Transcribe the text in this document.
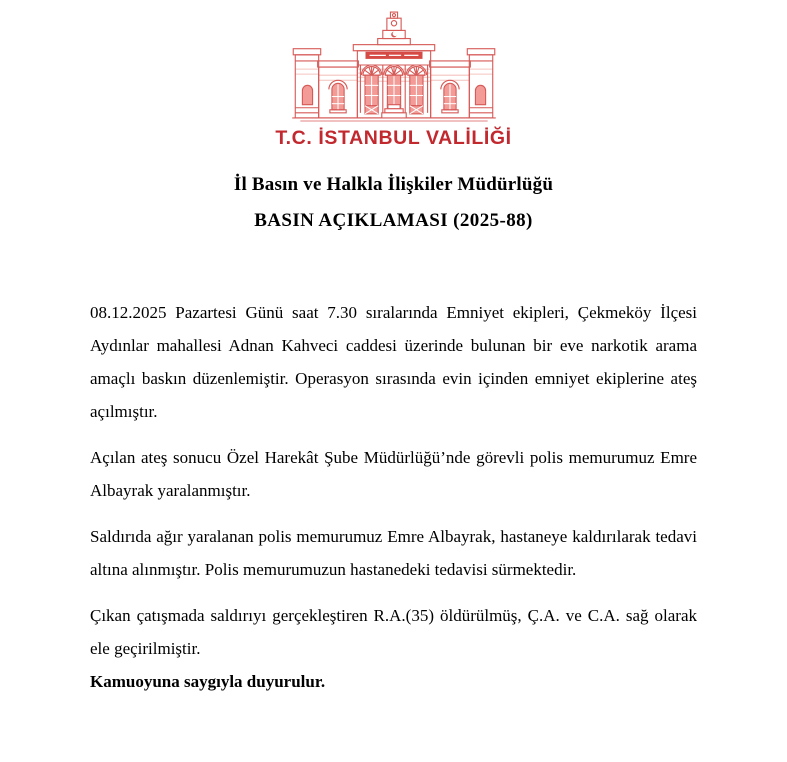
T.C. İSTANBUL VALİLİĞİ
İl Basın ve Halkla İlişkiler Müdürlüğü
BASIN AÇIKLAMASI (2025-88)

08.12.2025 Pazartesi Günü saat 7.30 sıralarında Emniyet ekipleri, Çekmeköy İlçesi Aydınlar mahallesi Adnan Kahveci caddesi üzerinde bulunan bir eve narkotik arama amaçlı baskın düzenlemiştir. Operasyon sırasında evin içinden emniyet ekiplerine ateş açılmıştır.

Açılan ateş sonucu Özel Harekât Şube Müdürlüğü’nde görevli polis memurumuz Emre Albayrak yaralanmıştır.

Saldırıda ağır yaralanan polis memurumuz Emre Albayrak, hastaneye kaldırılarak tedavi altına alınmıştır. Polis memurumuzun hastanedeki tedavisi sürmektedir.

Çıkan çatışmada saldırıyı gerçekleştiren R.A.(35) öldürülmüş, Ç.A. ve C.A. sağ olarak ele geçirilmiştir.

Kamuoyuna saygıyla duyurulur.
